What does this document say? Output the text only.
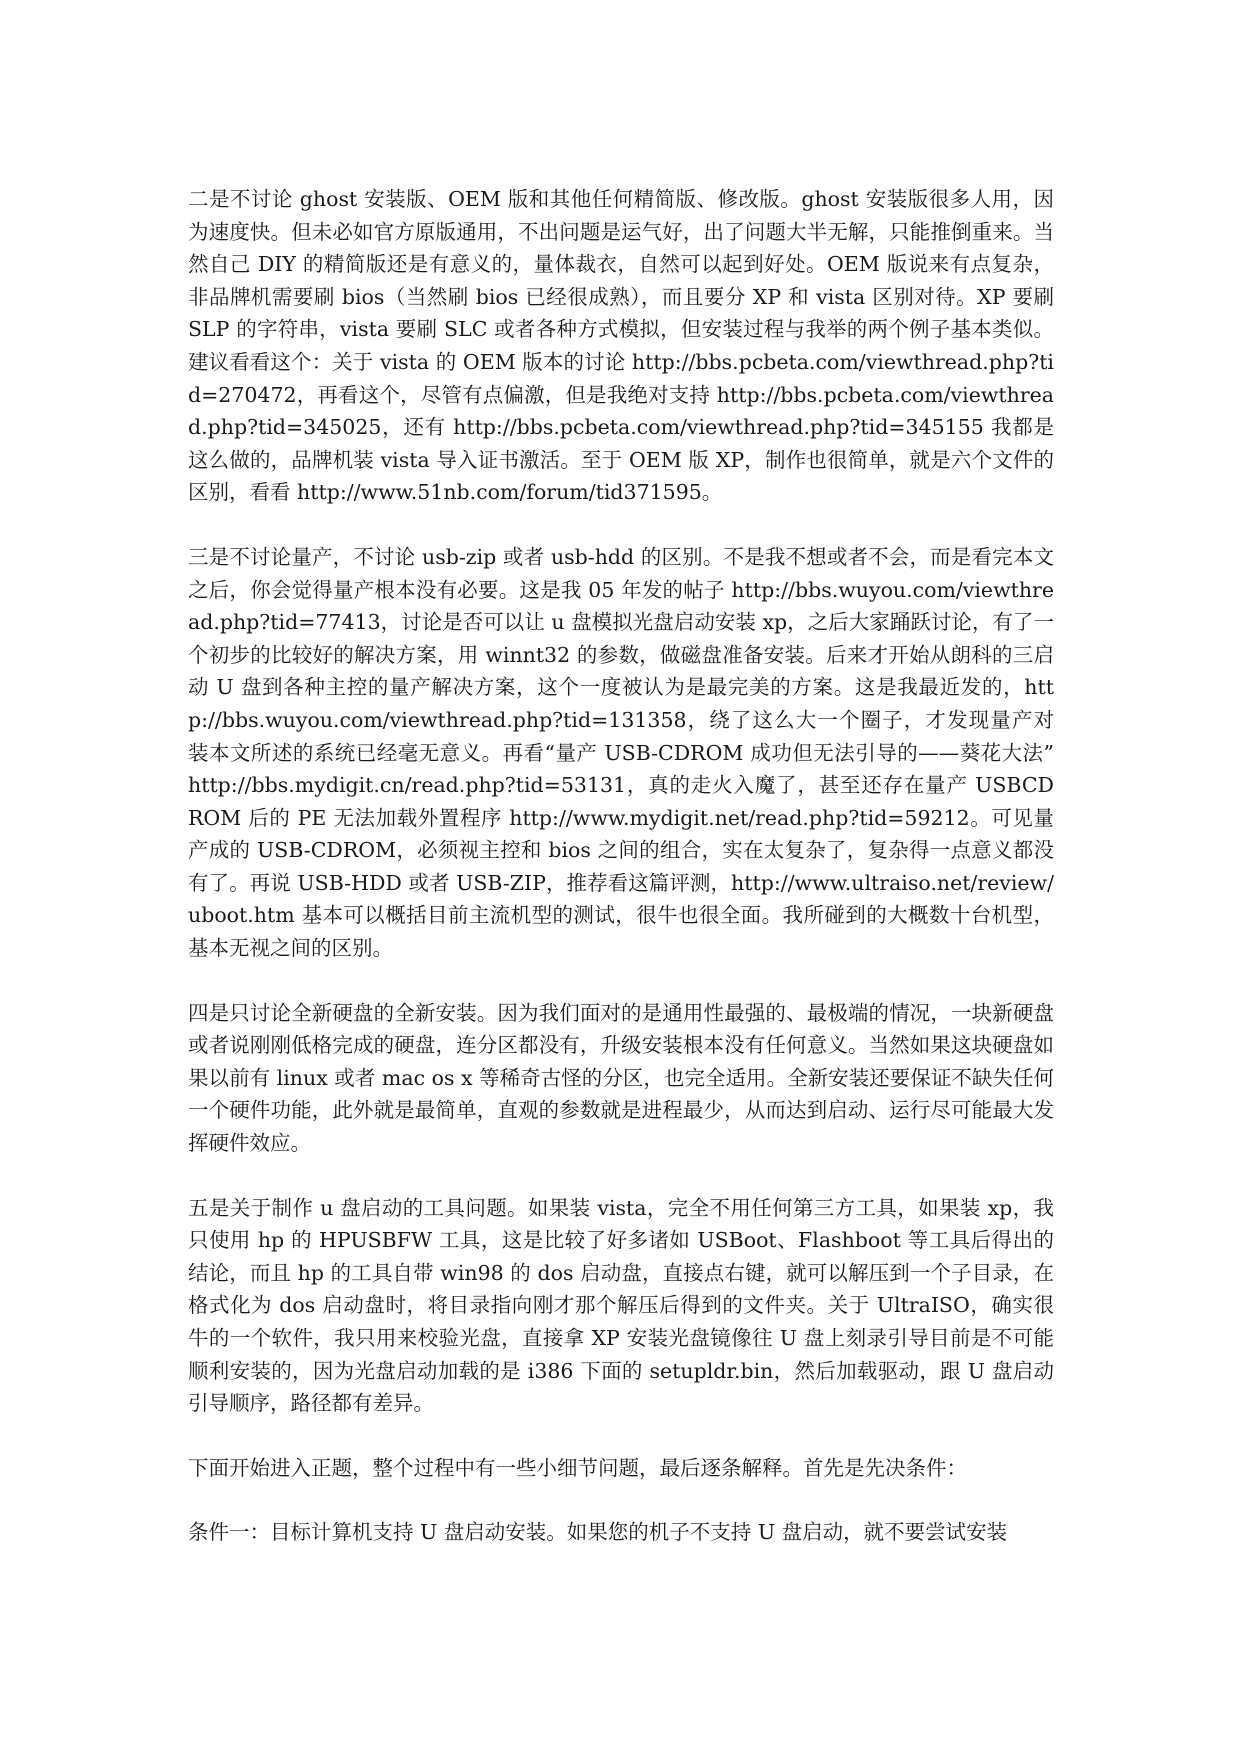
二是不讨论 ghost 安装版、OEM 版和其他任何精简版、修改版。ghost 安装版很多人用，因为速度快。但未必如官方原版通用，不出问题是运气好，出了问题大半无解，只能推倒重来。当然自己 DIY 的精简版还是有意义的，量体裁衣，自然可以起到好处。OEM 版说来有点复杂，非品牌机需要刷 bios（当然刷 bios 已经很成熟），而且要分 XP 和 vista 区别对待。XP 要刷 SLP 的字符串，vista 要刷 SLC 或者各种方式模拟，但安装过程与我举的两个例子基本类似。建议看看这个：关于 vista 的 OEM 版本的讨论 http://bbs.pcbeta.com/viewthread.php?tid=270472，再看这个，尽管有点偏激，但是我绝对支持 http://bbs.pcbeta.com/viewthread.php?tid=345025，还有 http://bbs.pcbeta.com/viewthread.php?tid=345155 我都是这么做的，品牌机装 vista 导入证书激活。至于 OEM 版 XP，制作也很简单，就是六个文件的区别，看看 http://www.51nb.com/forum/tid371595。

三是不讨论量产，不讨论 usb-zip 或者 usb-hdd 的区别。不是我不想或者不会，而是看完本文之后，你会觉得量产根本没有必要。这是我 05 年发的帖子 http://bbs.wuyou.com/viewthread.php?tid=77413，讨论是否可以让 u 盘模拟光盘启动安装 xp，之后大家踊跃讨论，有了一个初步的比较好的解决方案，用 winnt32 的参数，做磁盘准备安装。后来才开始从朗科的三启动 U 盘到各种主控的量产解决方案，这个一度被认为是最完美的方案。这是我最近发的，http://bbs.wuyou.com/viewthread.php?tid=131358，绕了这么大一个圈子，才发现量产对装本文所述的系统已经毫无意义。再看“量产 USB-CDROM 成功但无法引导的——葵花大法” http://bbs.mydigit.cn/read.php?tid=53131，真的走火入魔了，甚至还存在量产 USBCDROM 后的 PE 无法加载外置程序 http://www.mydigit.net/read.php?tid=59212。可见量产成的 USB-CDROM，必须视主控和 bios 之间的组合，实在太复杂了，复杂得一点意义都没有了。再说 USB-HDD 或者 USB-ZIP，推荐看这篇评测，http://www.ultraiso.net/review/uboot.htm 基本可以概括目前主流机型的测试，很牛也很全面。我所碰到的大概数十台机型，基本无视之间的区别。

四是只讨论全新硬盘的全新安装。因为我们面对的是通用性最强的、最极端的情况，一块新硬盘或者说刚刚低格完成的硬盘，连分区都没有，升级安装根本没有任何意义。当然如果这块硬盘如果以前有 linux 或者 mac os x 等稀奇古怪的分区，也完全适用。全新安装还要保证不缺失任何一个硬件功能，此外就是最简单，直观的参数就是进程最少，从而达到启动、运行尽可能最大发挥硬件效应。

五是关于制作 u 盘启动的工具问题。如果装 vista，完全不用任何第三方工具，如果装 xp，我只使用 hp 的 HPUSBFW 工具，这是比较了好多诸如 USBoot、Flashboot 等工具后得出的结论，而且 hp 的工具自带 win98 的 dos 启动盘，直接点右键，就可以解压到一个子目录，在格式化为 dos 启动盘时，将目录指向刚才那个解压后得到的文件夹。关于 UltraISO，确实很牛的一个软件，我只用来校验光盘，直接拿 XP 安装光盘镜像往 U 盘上刻录引导目前是不可能顺利安装的，因为光盘启动加载的是 i386 下面的 setupldr.bin，然后加载驱动，跟 U 盘启动引导顺序，路径都有差异。

下面开始进入正题，整个过程中有一些小细节问题，最后逐条解释。首先是先决条件：

条件一：目标计算机支持 U 盘启动安装。如果您的机子不支持 U 盘启动，就不要尝试安装
